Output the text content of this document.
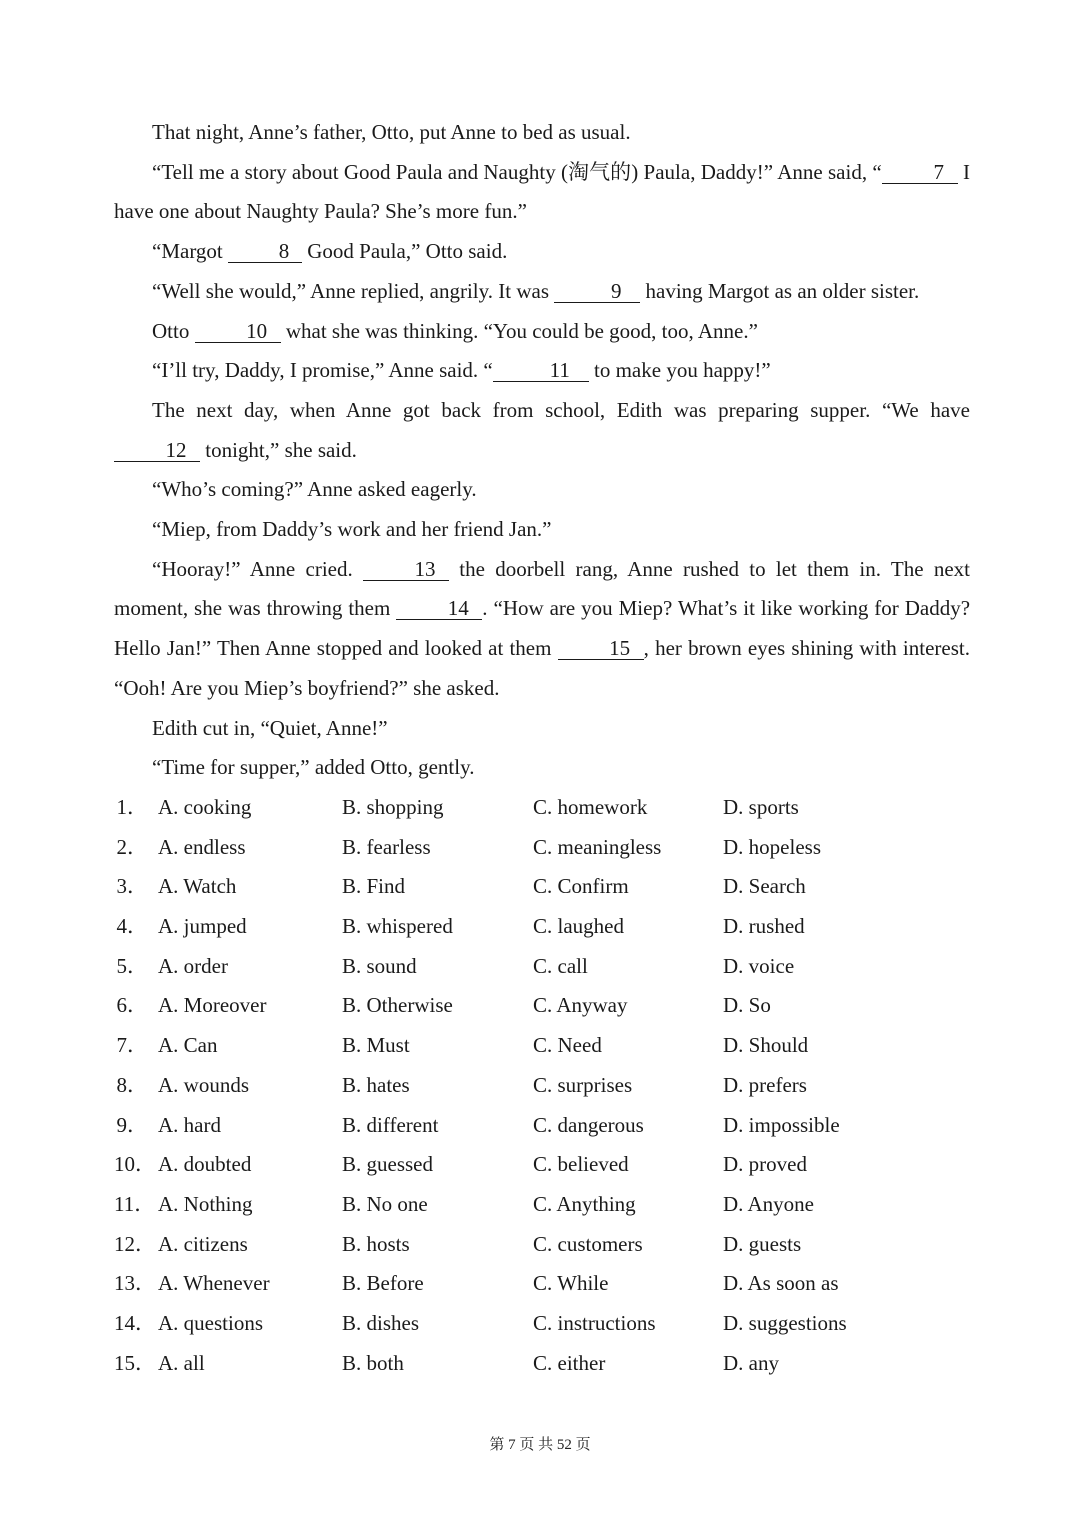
That night, Anne’s father, Otto, put Anne to bed as usual.

“Tell me a story about Good Paula and Naughty (淘气的) Paula, Daddy!” Anne said, “ 7 I have one about Naughty Paula? She’s more fun.”

“Margot 8 Good Paula,” Otto said.

“Well she would,” Anne replied, angrily. It was	9 having Margot as an older sister.

Otto 10 what she was thinking. “You could be good, too, Anne.”

“I’ll try, Daddy, I promise,” Anne said. “	11 to make you happy!”

The next day, when Anne got back from school, Edith was preparing supper. “We have 12 tonight,” she said.

“Who’s coming?” Anne asked eagerly.

“Miep, from Daddy’s work and her friend Jan.”

“Hooray!” Anne cried. 13 the doorbell rang, Anne rushed to let them in. The next moment, she was throwing them 14 . “How are you Miep? What’s it like working for Daddy? Hello Jan!” Then Anne stopped and looked at them 15 , her brown eyes shining with interest. “Ooh! Are you Miep’s boyfriend?” she asked.

Edith cut in, “Quiet, Anne!”

“Time for supper,” added Otto, gently.

1． A. cooking	B. shopping	C. homework	D. sports
2． A. endless	B. fearless	C. meaningless	D. hopeless
3． A. Watch	B. Find	C. Confirm	D. Search
4． A. jumped	B. whispered	C. laughed	D. rushed
5． A. order	B. sound	C. call	D. voice
6． A. Moreover	B. Otherwise	C. Anyway	D. So
7． A. Can	B. Must	C. Need	D. Should
8． A. wounds	B. hates	C. surprises	D. prefers
9． A. hard	B. different	C. dangerous	D. impossible
10． A. doubted	B. guessed	C. believed	D. proved
11． A. Nothing	B. No one	C. Anything	D. Anyone
12． A. citizens	B. hosts	C. customers	D. guests
13． A. Whenever	B. Before	C. While	D. As soon as
14． A. questions	B. dishes	C. instructions	D. suggestions
15． A. all	B. both	C. either	D. any
第 7 页 共 52 页
